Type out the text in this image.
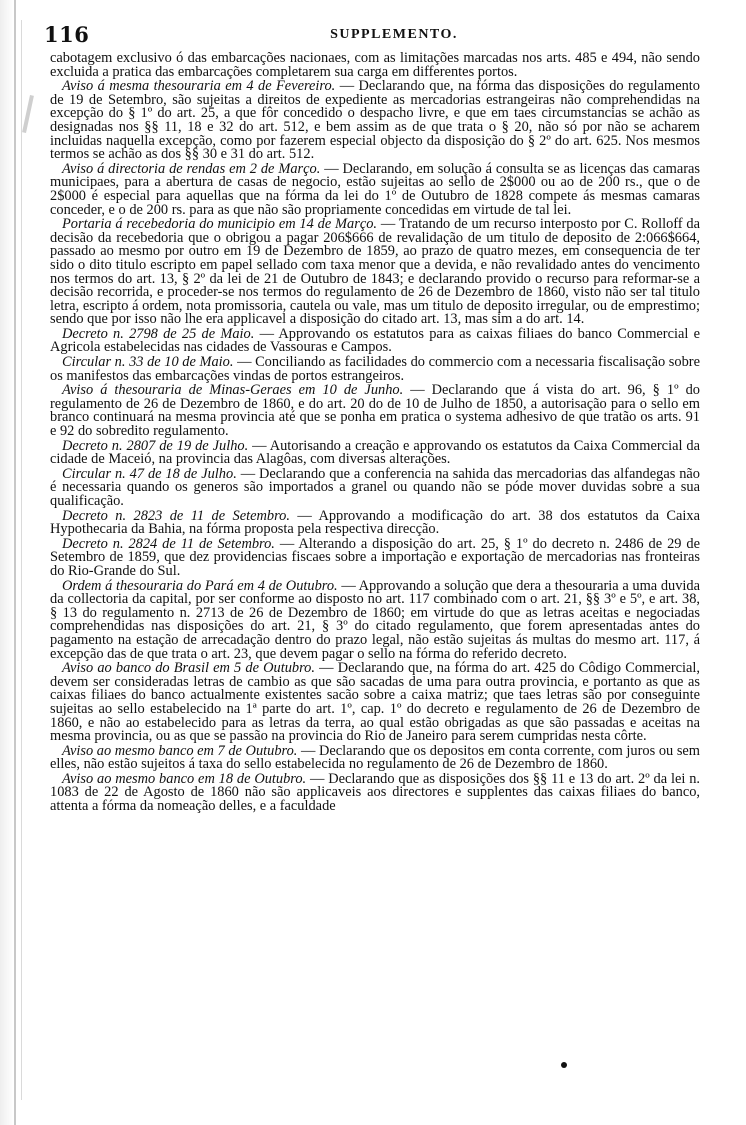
116	SUPPLEMENTO.

cabotagem exclusivo ó das embarcações nacionaes, com as limitações marcadas nos arts. 485 e 494, não sendo excluida a pratica das embarcações completarem sua carga em differentes portos.

Aviso á mesma thesouraria em 4 de Fevereiro. — Declarando que, na fórma das disposições do regulamento de 19 de Setembro, são sujeitas a direitos de expediente as mercadorias estrangeiras não comprehendidas na excepção do § 1º do art. 25, a que fôr concedido o despacho livre, e que em taes circumstancias se achão as designadas nos §§ 11, 18 e 32 do art. 512, e bem assim as de que trata o § 20, não só por não se acharem incluidas naquella excepção, como por fazerem especial objecto da disposição do § 2º do art. 625. Nos mesmos termos se achão as dos §§ 30 e 31 do art. 512.

Aviso á directoria de rendas em 2 de Março. — Declarando, em solução á consulta se as licenças das camaras municipaes, para a abertura de casas de negocio, estão sujeitas ao sello de 2$000 ou ao de 200 rs., que o de 2$000 é especial para aquellas que na fórma da lei do 1º de Outubro de 1828 compete ás mesmas camaras conceder, e o de 200 rs. para as que não são propriamente concedidas em virtude de tal lei.

Portaria á recebedoria do municipio em 14 de Março. — Tratando de um recurso interposto por C. Rolloff da decisão da recebedoria que o obrigou a pagar 206$666 de revalidação de um titulo de deposito de 2:066$664, passado ao mesmo por outro em 19 de Dezembro de 1859, ao prazo de quatro mezes, em consequencia de ter sido o dito titulo escripto em papel sellado com taxa menor que a devida, e não revalidado antes do vencimento nos termos do art. 13, § 2º da lei de 21 de Outubro de 1843; e declarando provido o recurso para reformar-se a decisão recorrida, e proceder-se nos termos do regulamento de 26 de Dezembro de 1860, visto não ser tal titulo letra, escripto á ordem, nota promissoria, cautela ou vale, mas um titulo de deposito irregular, ou de emprestimo; sendo que por isso não lhe era applicavel a disposição do citado art. 13, mas sim a do art. 14.

Decreto n. 2798 de 25 de Maio. — Approvando os estatutos para as caixas filiaes do banco Commercial e Agricola estabelecidas nas cidades de Vassouras e Campos.

Circular n. 33 de 10 de Maio. — Conciliando as facilidades do commercio com a necessaria fiscalisação sobre os manifestos das embarcações vindas de portos estrangeiros.

Aviso á thesouraria de Minas-Geraes em 10 de Junho. — Declarando que á vista do art. 96, § 1º do regulamento de 26 de Dezembro de 1860, e do art. 20 do de 10 de Julho de 1850, a autorisação para o sello em branco continuará na mesma provincia até que se ponha em pratica o systema adhesivo de que tratão os arts. 91 e 92 do sobredito regulamento.

Decreto n. 2807 de 19 de Julho. — Autorisando a creação e approvando os estatutos da Caixa Commercial da cidade de Maceió, na provincia das Alagôas, com diversas alterações.

Circular n. 47 de 18 de Julho. — Declarando que a conferencia na sahida das mercadorias das alfandegas não é necessaria quando os generos são importados a granel ou quando não se póde mover duvidas sobre a sua qualificação.

Decreto n. 2823 de 11 de Setembro. — Approvando a modificação do art. 38 dos estatutos da Caixa Hypothecaria da Bahia, na fórma proposta pela respectiva direcção.

Decreto n. 2824 de 11 de Setembro. — Alterando a disposição do art. 25, § 1º do decreto n. 2486 de 29 de Setembro de 1859, que dez providencias fiscaes sobre a importação e exportação de mercadorias nas fronteiras do Rio-Grande do Sul.

Ordem á thesouraria do Pará em 4 de Outubro. — Approvando a solução que dera a thesouraria a uma duvida da collectoria da capital, por ser conforme ao disposto no art. 117 combinado com o art. 21, §§ 3º e 5º, e art. 38, § 13 do regulamento n. 2713 de 26 de Dezembro de 1860; em virtude do que as letras aceitas e negociadas comprehendidas nas disposições do art. 21, § 3º do citado regulamento, que forem apresentadas antes do pagamento na estação de arrecadação dentro do prazo legal, não estão sujeitas ás multas do mesmo art. 117, á excepção das de que trata o art. 23, que devem pagar o sello na fórma do referido decreto.

Aviso ao banco do Brasil em 5 de Outubro. — Declarando que, na fórma do art. 425 do Côdigo Commercial, devem ser consideradas letras de cambio as que são sacadas de uma para outra provincia, e portanto as que as caixas filiaes do banco actualmente existentes sacão sobre a caixa matriz; que taes letras são por conseguinte sujeitas ao sello estabelecido na 1ª parte do art. 1º, cap. 1º do decreto e regulamento de 26 de Dezembro de 1860, e não ao estabelecido para as letras da terra, ao qual estão obrigadas as que são passadas e aceitas na mesma provincia, ou as que se passão na provincia do Rio de Janeiro para serem cumpridas nesta côrte.

Aviso ao mesmo banco em 7 de Outubro. — Declarando que os depositos em conta corrente, com juros ou sem elles, não estão sujeitos á taxa do sello estabelecida no regulamento de 26 de Dezembro de 1860.

Aviso ao mesmo banco em 18 de Outubro. — Declarando que as disposições dos §§ 11 e 13 do art. 2º da lei n. 1083 de 22 de Agosto de 1860 não são applicaveis aos directores e supplentes das caixas filiaes do banco, attenta a fórma da nomeação delles, e a faculdade
